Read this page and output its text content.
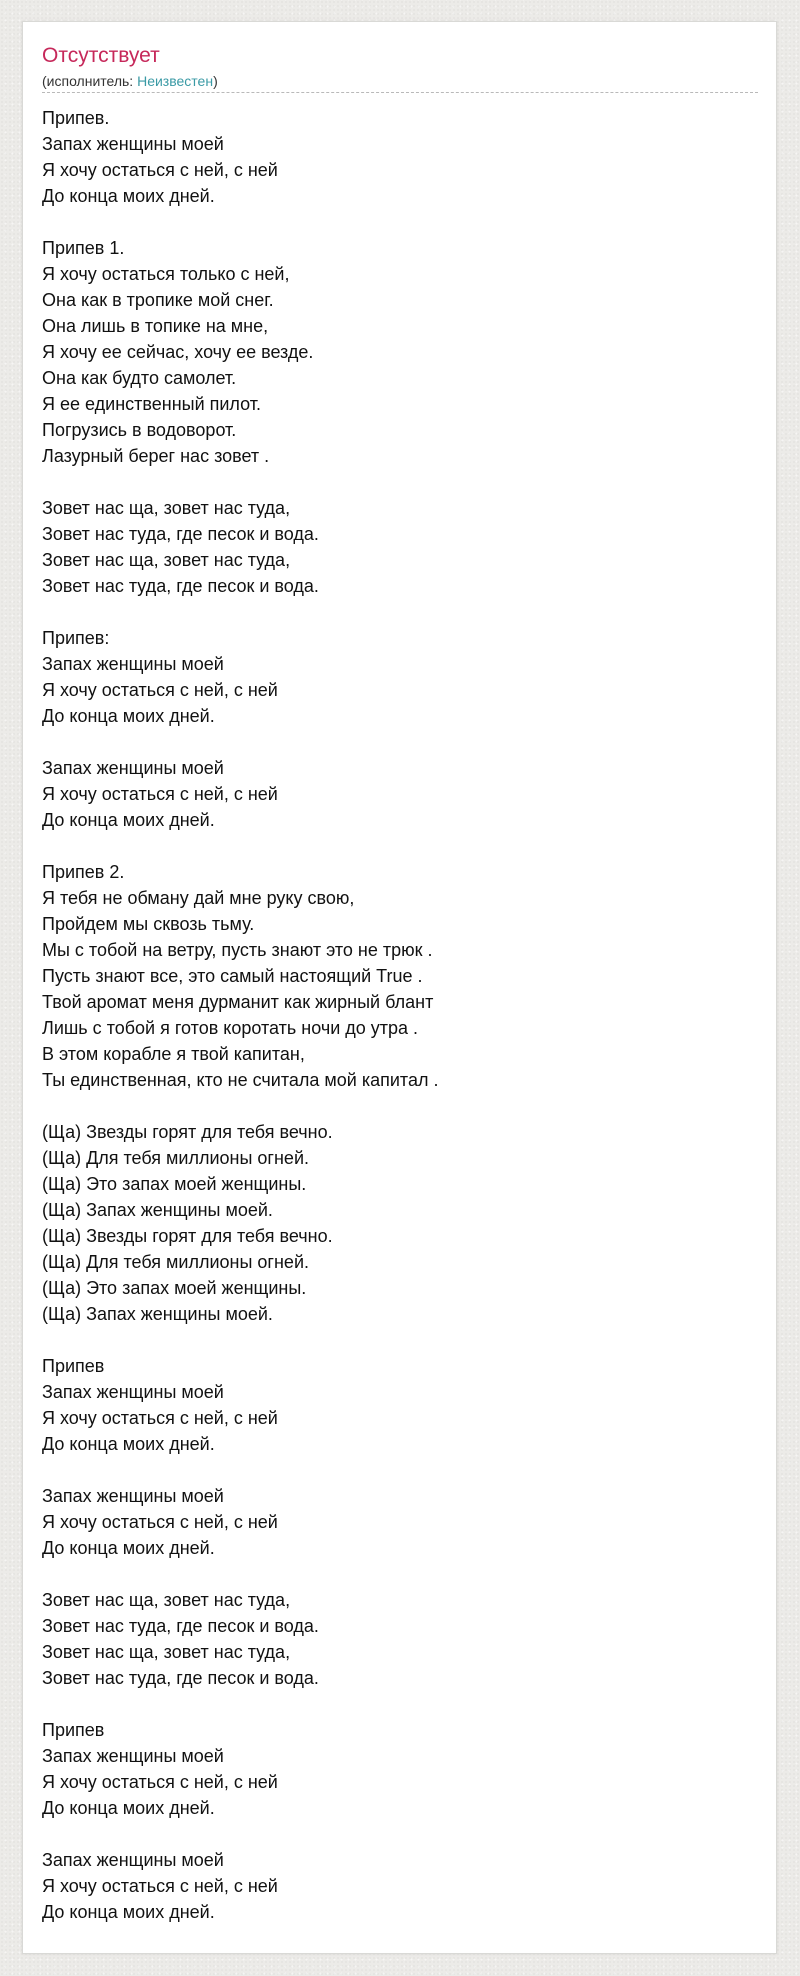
Отсутствует
(исполнитель: Неизвестен)
Припев.
Запах женщины моей
Я хочу остаться с ней, с ней
До конца моих дней.
Припев 1.
Я хочу остаться только с ней,
Она как в тропике мой снег.
Она лишь в топике на мне,
Я хочу ее сейчас, хочу ее везде.
Она как будто самолет.
Я ее единственный пилот.
Погрузись в водоворот.
Лазурный берег нас зовет .
Зовет нас ща, зовет нас туда,
Зовет нас туда, где песок и вода.
Зовет нас ща, зовет нас туда,
Зовет нас туда, где песок и вода.
Припев:
Запах женщины моей
Я хочу остаться с ней, с ней
До конца моих дней.
Запах женщины моей
Я хочу остаться с ней, с ней
До конца моих дней.
Припев 2.
Я тебя не обману дай мне руку свою,
Пройдем мы сквозь тьму.
Мы с тобой на ветру, пусть знают это не трюк .
Пусть знают все, это самый настоящий True .
Твой аромат меня дурманит как жирный блант
Лишь с тобой я готов коротать ночи до утра .
В этом корабле я твой капитан,
Ты единственная, кто не считала мой капитал .
(Ща) Звезды горят для тебя вечно.
(Ща) Для тебя миллионы огней.
(Ща) Это запах моей женщины.
(Ща) Запах женщины моей.
(Ща) Звезды горят для тебя вечно.
(Ща) Для тебя миллионы огней.
(Ща) Это запах моей женщины.
(Ща) Запах женщины моей.
Припев
Запах женщины моей
Я хочу остаться с ней, с ней
До конца моих дней.
Запах женщины моей
Я хочу остаться с ней, с ней
До конца моих дней.
Зовет нас ща, зовет нас туда,
Зовет нас туда, где песок и вода.
Зовет нас ща, зовет нас туда,
Зовет нас туда, где песок и вода.
Припев
Запах женщины моей
Я хочу остаться с ней, с ней
До конца моих дней.
Запах женщины моей
Я хочу остаться с ней, с ней
До конца моих дней.
